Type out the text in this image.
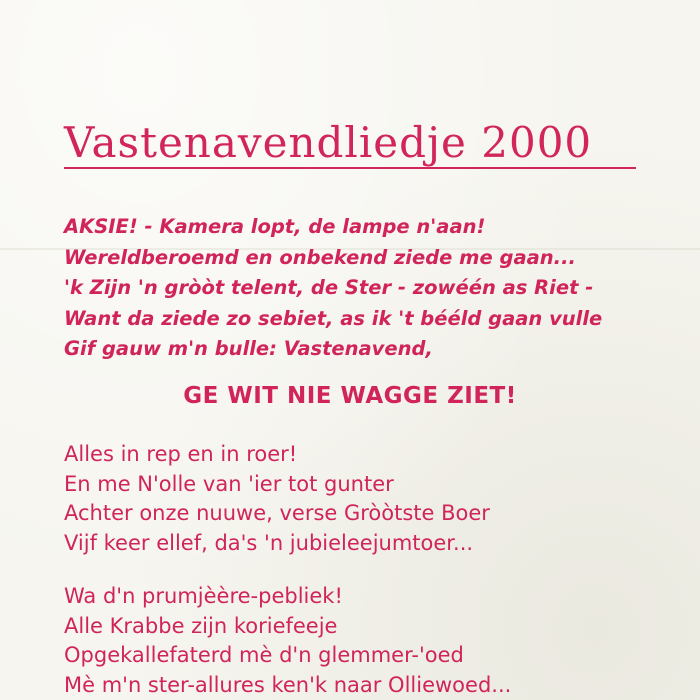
Vastenavendliedje 2000
AKSIE! - Kamera lopt, de lampe n'aan!
Wereldberoemd en onbekend ziede me gaan...
'k Zijn 'n gròòt telent, de Ster - zowéén as Riet -
Want da ziede zo sebiet, as ik 't bééld gaan vulle
Gif gauw m'n bulle: Vastenavend,
GE WIT NIE WAGGE ZIET!
Alles in rep en in roer!
En me N'olle van 'ier tot gunter
Achter onze nuuwe, verse Gròòtste Boer
Vijf keer ellef, da's 'n jubieleejumtoer...
Wa d'n prumjèère-pebliek!
Alle Krabbe zijn koriefeeje
Opgekallefaterd mè d'n glemmer-'oed
Mè m'n ster-allures ken'k naar Olliewoed...
